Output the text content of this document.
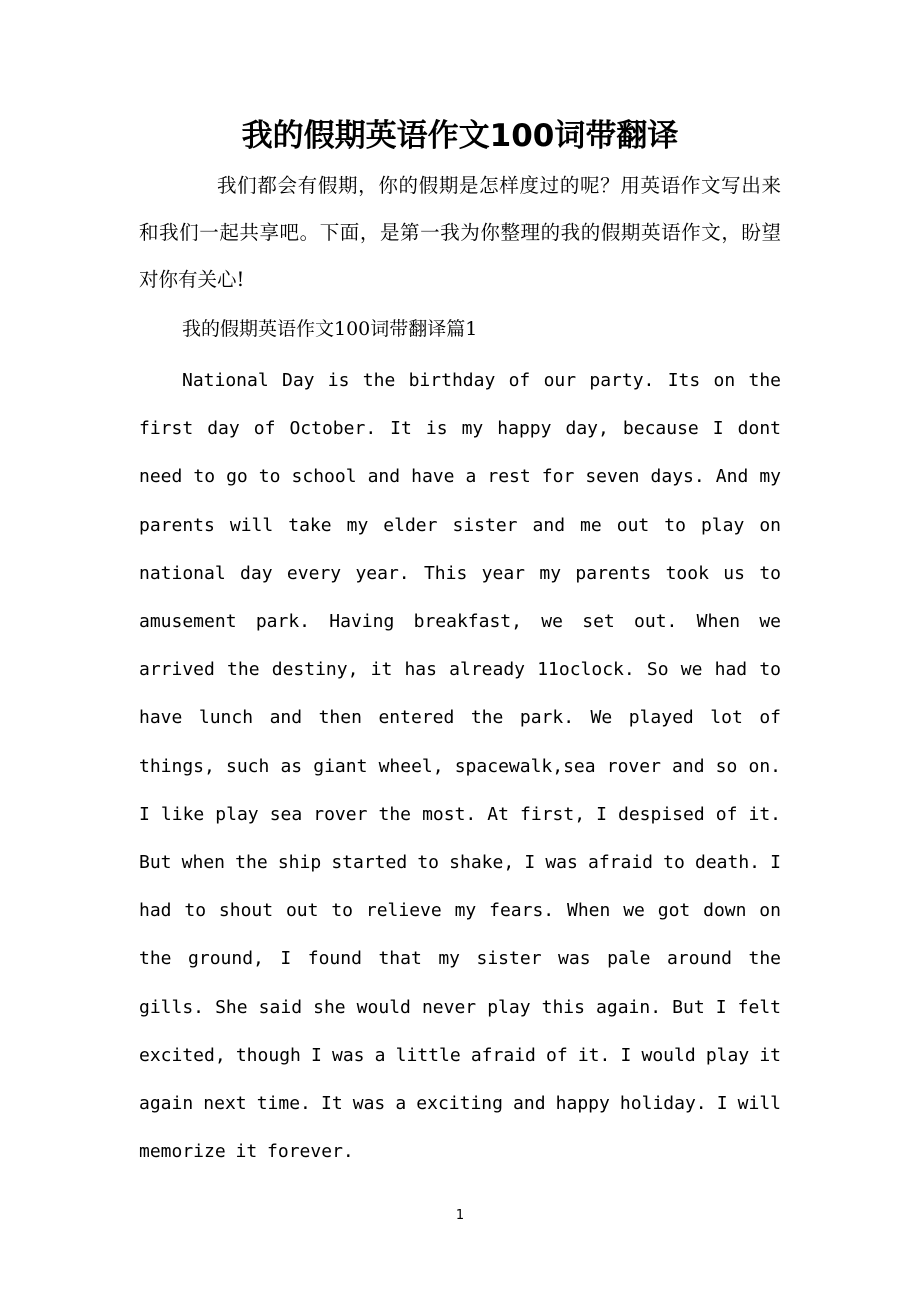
我的假期英语作文100词带翻译

我们都会有假期，你的假期是怎样度过的呢？用英语作文写出来和我们一起共享吧。下面，是第一我为你整理的我的假期英语作文，盼望对你有关心!

我的假期英语作文100词带翻译篇1

National Day is the birthday of our party. Its on the first day of October. It is my happy day, because I dont need to go to school and have a rest for seven days. And my parents will take my elder sister and me out to play on national day every year. This year my parents took us to amusement park. Having breakfast, we set out. When we arrived the destiny, it has already 11oclock. So we had to have lunch and then entered the park. We played lot of things, such as giant wheel, spacewalk,sea rover and so on. I like play sea rover the most. At first, I despised of it. But when the ship started to shake, I was afraid to death. I had to shout out to relieve my fears. When we got down on the ground, I found that my sister was pale around the gills. She said she would never play this again. But I felt excited, though I was a little afraid of it. I would play it again next time. It was a exciting and happy holiday. I will memorize it forever.

1
